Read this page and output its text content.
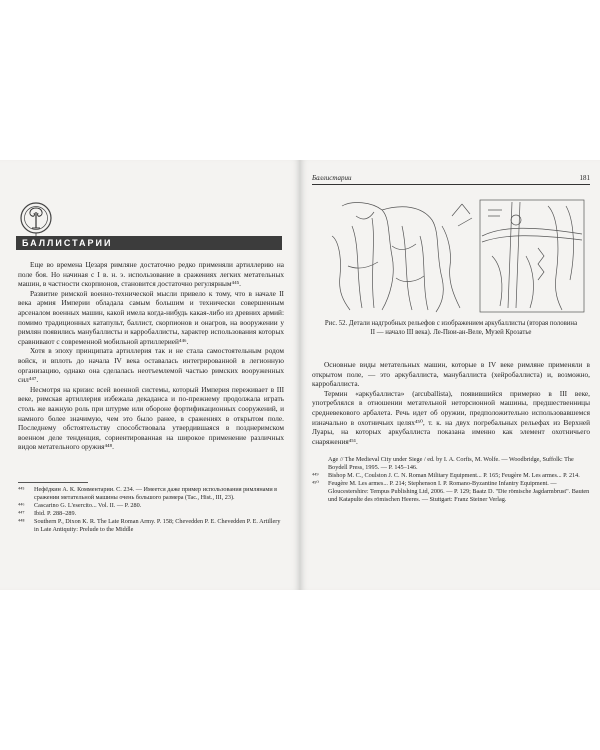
БАЛЛИСТАРИИ

Еще во времена Цезаря римляне достаточно редко применяли артиллерию на поле боя. Но начиная с I в. н. э. использование в сражениях легких метательных машин, в частности скорпионов, становится достаточно регулярным⁴⁴⁵.

Развитие римской военно-технической мысли привело к тому, что в начале II века армия Империи обладала самым большим и технически совершенным арсеналом военных машин, какой имела когда-нибудь какая-либо из древних армий: помимо традиционных катапульт, баллист, скорпионов и онагров, на вооружении у римлян появились манубаллисты и карробаллисты, характер использования которых сравнивают с современной мобильной артиллерией⁴⁴⁶.

Хотя в эпоху принципата артиллерия так и не стала самостоятельным родом войск, и вплоть до начала IV века оставалась интегрированной в легионную организацию, однако она сделалась неотъемлемой частью римских вооруженных сил⁴⁴⁷.

Несмотря на кризис всей военной системы, который Империя переживает в III веке, римская артиллерия избежала декаданса и по-прежнему продолжала играть столь же важную роль при штурме или обороне фортификационных сооружений, и намного более значимую, чем это было ранее, в сражениях в открытом поле. Последнему обстоятельству способствовала утвердившаяся в позднеримском военном деле тенденция, сориентированная на широкое применение различных видов метательного оружия⁴⁴⁸.

⁴⁴⁵ Нефёдкин А. К. Комментарии. С. 234. — Имеется даже пример использования римлянами в сражении метательной машины очень большого размера (Tac., Hist., III, 23).

⁴⁴⁶ Cascarino G. L'esercito... Vol. II. — P. 280.

⁴⁴⁷ Ibid. P. 288–289.

⁴⁴⁸ Southern P., Dixon K. R. The Late Roman Army. P. 158; Chevedden P. E. Chevedden P. E. Artillery in Late Antiquity: Prelude to the Middle

Баллистарии	181
Рис. 52. Детали надгробных рельефов с изображением аркубаллисты (вторая половина II — начало III века). Ле-Пюи-ан-Веле, Музей Крозатье

Основные виды метательных машин, которые в IV веке римляне применяли в открытом поле, — это аркубаллиста, манубаллиста (хейробаллиста) и, возможно, карробаллиста.

Термин «аркубаллиста» (arcuballista), появившийся примерно в III веке, употреблялся в отношении метательной неторсионной машины, предшественницы средневекового арбалета. Речь идет об оружии, предположительно использовавшемся изначально в охотничьих целях⁴⁵⁰, т. к. на двух погребальных рельефах из Верхней Луары, на которых аркубаллиста показана именно как элемент охотничьего снаряжения⁴⁵¹.

Age // The Medieval City under Siege / ed. by I. A. Corfis, M. Wolfe. — Woodbridge, Suffolk: The Boydell Press, 1995. — P. 145–146.

⁴⁴⁹ Bishop M. C., Coulston J. C. N. Roman Military Equipment... P. 165; Feugère M. Les armes... P. 214.

⁴⁵⁰ Feugère M. Les armes... P. 214; Stephenson I. P. Romano-Byzantine Infantry Equipment. — Gloucestershire: Tempus Publishing Ltd, 2006. — P. 129; Baatz D. "Die römische Jagdarmbrust". Bauten und Katapulte des römischen Heeres. — Stuttgart: Franz Steiner Verlag.
